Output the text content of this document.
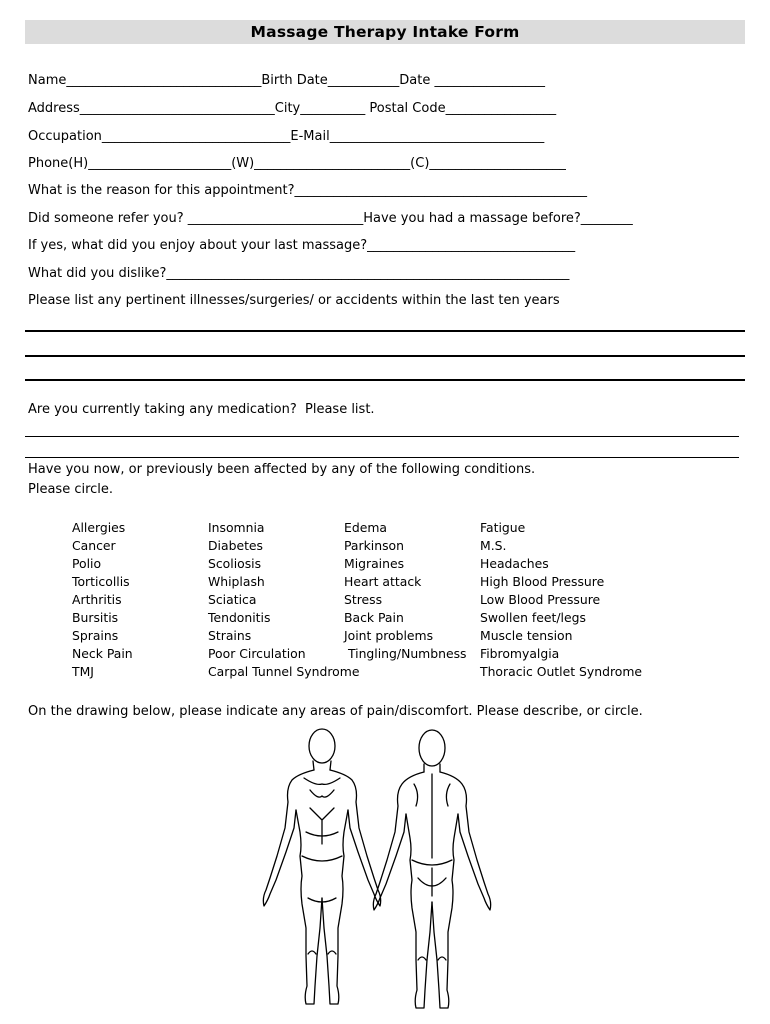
Massage Therapy Intake Form
Name______________________________Birth Date___________Date _________________
Address______________________________City__________ Postal Code_________________
Occupation_____________________________E-Mail_________________________________
Phone(H)______________________(W)________________________(C)_____________________
What is the reason for this appointment?_____________________________________________
Did someone refer you? ___________________________Have you had a massage before?________
If yes, what did you enjoy about your last massage?________________________________
What did you dislike?______________________________________________________________
Please list any pertinent illnesses/surgeries/ or accidents within the last ten years
Are you currently taking any medication?  Please list.
Have you now, or previously been affected by any of the following conditions.
Please circle.
Allergies
Cancer
Polio
Torticollis
Arthritis
Bursitis
Sprains
Neck Pain
TMJ
Insomnia
Diabetes
Scoliosis
Whiplash
Sciatica
Tendonitis
Strains
Poor Circulation
Carpal Tunnel Syndrome
Edema
Parkinson
Migraines
Heart attack
Stress
Back Pain
Joint problems
Tingling/Numbness
Fatigue
M.S.
Headaches
High Blood Pressure
Low Blood Pressure
Swollen feet/legs
Muscle tension
Fibromyalgia
Thoracic Outlet Syndrome
On the drawing below, please indicate any areas of pain/discomfort. Please describe, or circle.
